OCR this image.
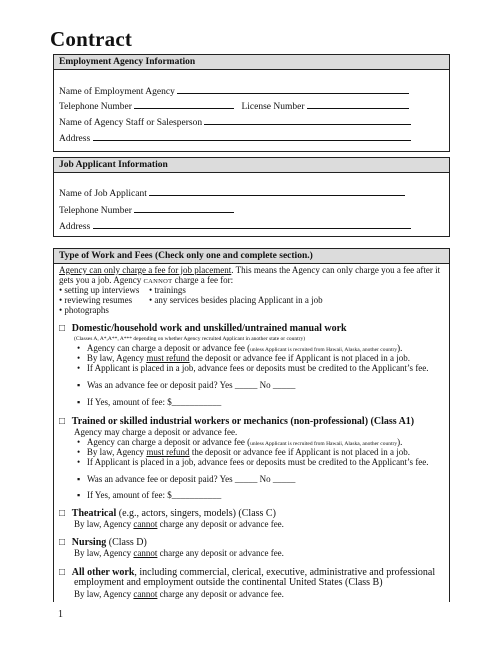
Contract
Employment Agency Information
Name of Employment Agency
Telephone Number	License Number
Name of Agency Staff or Salesperson
Address
Job Applicant Information
Name of Job Applicant
Telephone Number
Address
Type of Work and Fees (Check only one and complete section.)
Agency can only charge a fee for job placement. This means the Agency can only charge you a fee after it
gets you a job. Agency CANNOT charge a fee for:
• setting up interviews • trainings
• reviewing resumes • any services besides placing Applicant in a job
• photographs
□ Domestic/household work and unskilled/untrained manual work
(Classes A, A*,A**, A*** depending on whether Agency recruited Applicant in another state or country)
•   Agency can charge a deposit or advance fee (unless Applicant is recruited from Hawaii, Alaska, another country).
•   By law, Agency must refund the deposit or advance fee if Applicant is not placed in a job.
•   If Applicant is placed in a job, advance fees or deposits must be credited to the Applicant’s fee.
▪   Was an advance fee or deposit paid? Yes _____ No _____
▪   If Yes, amount of fee: $___________
□ Trained or skilled industrial workers or mechanics (non-professional) (Class A1)
Agency may charge a deposit or advance fee.
•   Agency can charge a deposit or advance fee (unless Applicant is recruited from Hawaii, Alaska, another country).
•   By law, Agency must refund the deposit or advance fee if Applicant is not placed in a job.
•   If Applicant is placed in a job, advance fees or deposits must be credited to the Applicant’s fee.
▪   Was an advance fee or deposit paid? Yes _____ No _____
▪   If Yes, amount of fee: $___________
□ Theatrical (e.g., actors, singers, models) (Class C)
By law, Agency cannot charge any deposit or advance fee.
□ Nursing (Class D)
By law, Agency cannot charge any deposit or advance fee.
□ All other work, including commercial, clerical, executive, administrative and professional
employment and employment outside the continental United States (Class B)
By law, Agency cannot charge any deposit or advance fee.
1
